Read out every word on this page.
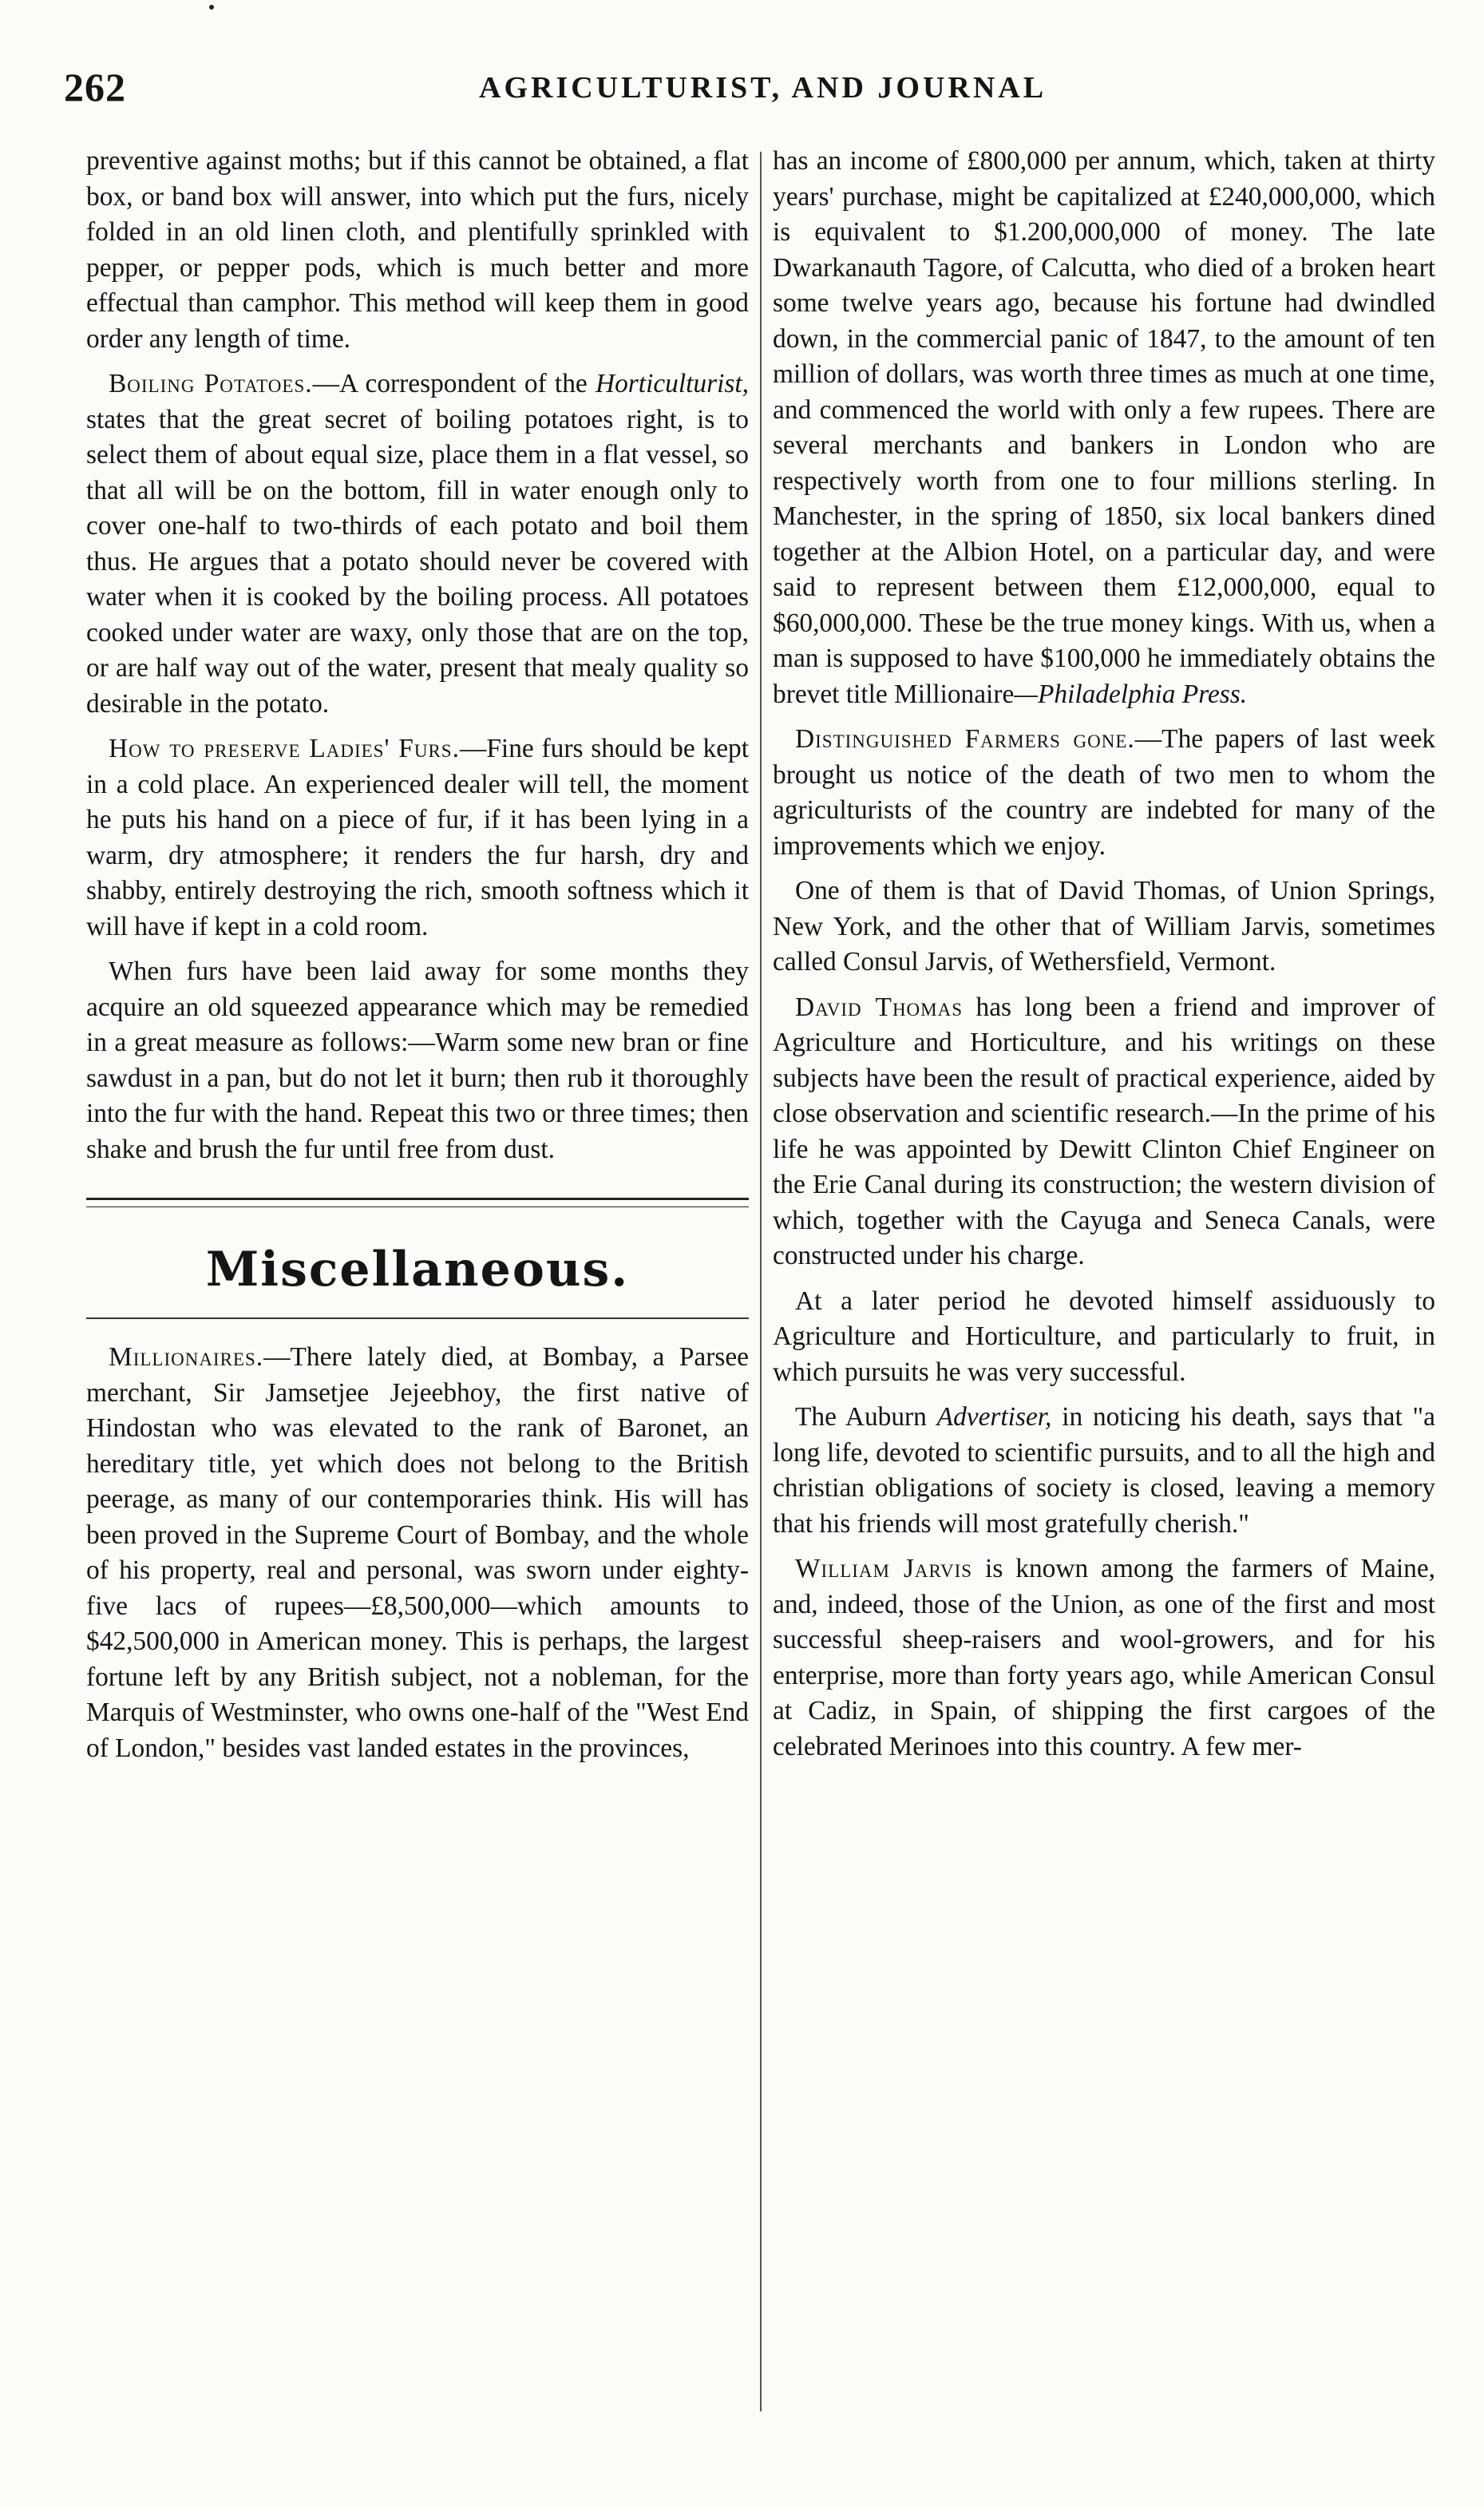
262	AGRICULTURIST, AND JOURNAL

preventive against moths; but if this cannot be obtained, a flat box, or band box will answer, into which put the furs, nicely folded in an old linen cloth, and plentifully sprinkled with pepper, or pepper pods, which is much better and more effectual than camphor. This method will keep them in good order any length of time.

Boiling Potatoes.—A correspondent of the Horticulturist, states that the great secret of boiling potatoes right, is to select them of about equal size, place them in a flat vessel, so that all will be on the bottom, fill in water enough only to cover one-half to two-thirds of each potato and boil them thus. He argues that a potato should never be covered with water when it is cooked by the boiling process. All potatoes cooked under water are waxy, only those that are on the top, or are half way out of the water, present that mealy quality so desirable in the potato.

How to preserve Ladies' Furs.—Fine furs should be kept in a cold place. An experienced dealer will tell, the moment he puts his hand on a piece of fur, if it has been lying in a warm, dry atmosphere; it renders the fur harsh, dry and shabby, entirely destroying the rich, smooth softness which it will have if kept in a cold room.

When furs have been laid away for some months they acquire an old squeezed appearance which may be remedied in a great measure as follows:—Warm some new bran or fine sawdust in a pan, but do not let it burn; then rub it thoroughly into the fur with the hand. Repeat this two or three times; then shake and brush the fur until free from dust.

Miscellaneous.

Millionaires.—There lately died, at Bombay, a Parsee merchant, Sir Jamsetjee Jejeebhoy, the first native of Hindostan who was elevated to the rank of Baronet, an hereditary title, yet which does not belong to the British peerage, as many of our contemporaries think. His will has been proved in the Supreme Court of Bombay, and the whole of his property, real and personal, was sworn under eighty-five lacs of rupees—£8,500,000—which amounts to $42,500,000 in American money. This is perhaps, the largest fortune left by any British subject, not a nobleman, for the Marquis of Westminster, who owns one-half of the "West End of London," besides vast landed estates in the provinces,

has an income of £800,000 per annum, which, taken at thirty years' purchase, might be capitalized at £240,000,000, which is equivalent to $1.200,000,000 of money. The late Dwarkanauth Tagore, of Calcutta, who died of a broken heart some twelve years ago, because his fortune had dwindled down, in the commercial panic of 1847, to the amount of ten million of dollars, was worth three times as much at one time, and commenced the world with only a few rupees. There are several merchants and bankers in London who are respectively worth from one to four millions sterling. In Manchester, in the spring of 1850, six local bankers dined together at the Albion Hotel, on a particular day, and were said to represent between them £12,000,000, equal to $60,000,000. These be the true money kings. With us, when a man is supposed to have $100,000 he immediately obtains the brevet title Millionaire—Philadelphia Press.

Distinguished Farmers gone.—The papers of last week brought us notice of the death of two men to whom the agriculturists of the country are indebted for many of the improvements which we enjoy.

One of them is that of David Thomas, of Union Springs, New York, and the other that of William Jarvis, sometimes called Consul Jarvis, of Wethersfield, Vermont.

David Thomas has long been a friend and improver of Agriculture and Horticulture, and his writings on these subjects have been the result of practical experience, aided by close observation and scientific research.—In the prime of his life he was appointed by Dewitt Clinton Chief Engineer on the Erie Canal during its construction; the western division of which, together with the Cayuga and Seneca Canals, were constructed under his charge.

At a later period he devoted himself assiduously to Agriculture and Horticulture, and particularly to fruit, in which pursuits he was very successful.

The Auburn Advertiser, in noticing his death, says that "a long life, devoted to scientific pursuits, and to all the high and christian obligations of society is closed, leaving a memory that his friends will most gratefully cherish."

William Jarvis is known among the farmers of Maine, and, indeed, those of the Union, as one of the first and most successful sheep-raisers and wool-growers, and for his enterprise, more than forty years ago, while American Consul at Cadiz, in Spain, of shipping the first cargoes of the celebrated Merinoes into this country. A few mer-
